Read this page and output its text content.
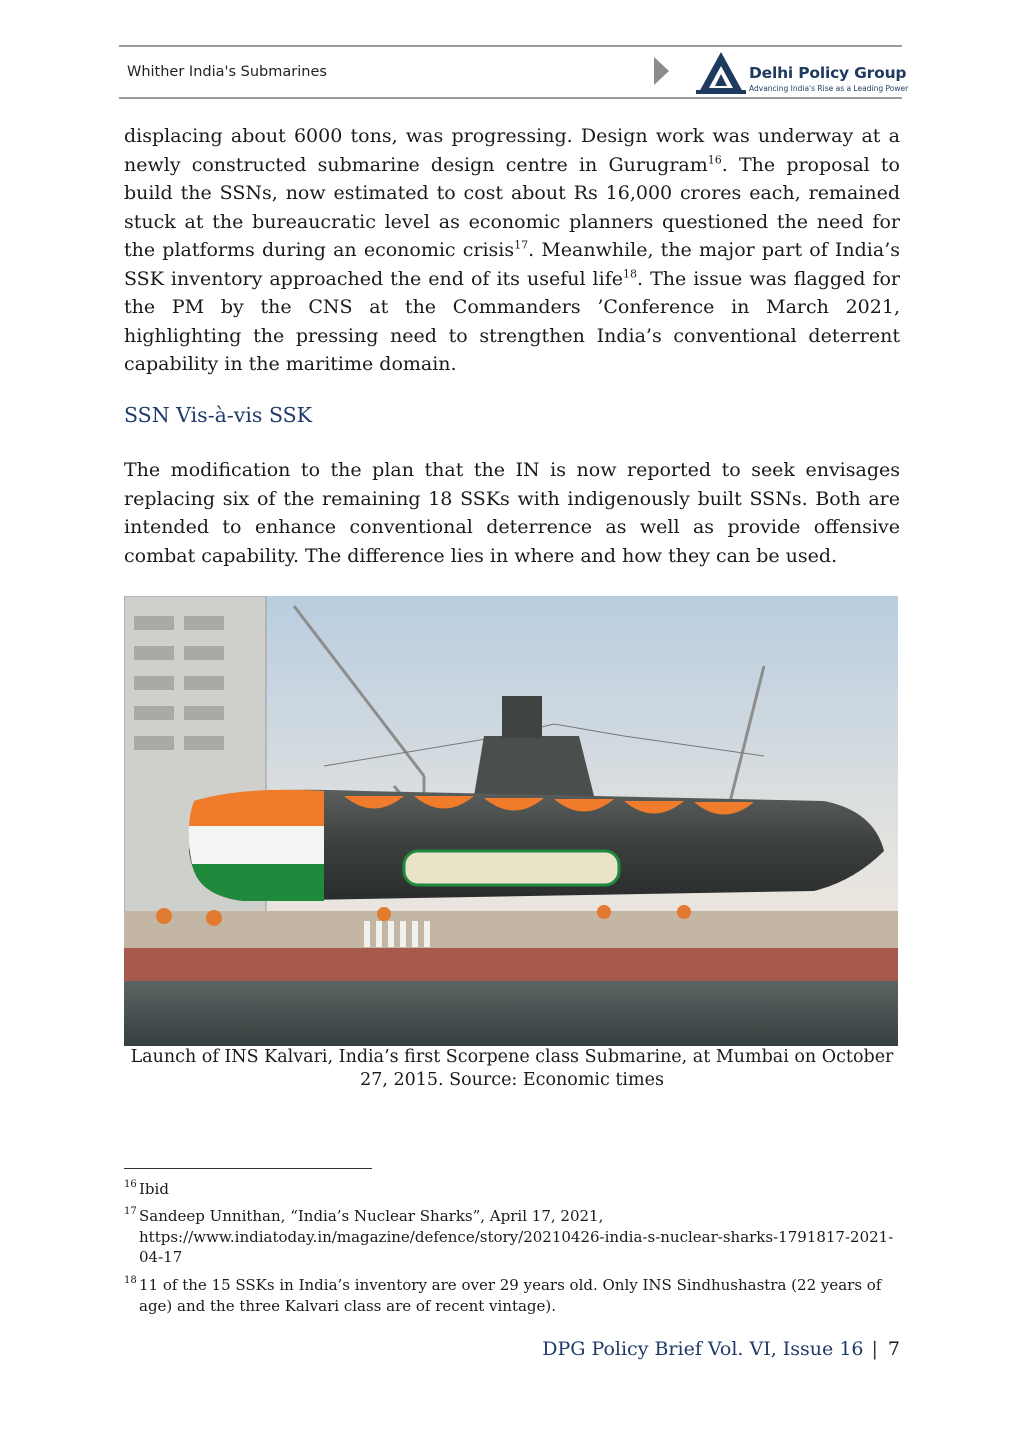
Whither India's Submarines	Delhi Policy Group
Advancing India's Rise as a Leading Power

displacing about 6000 tons, was progressing. Design work was underway at a newly constructed submarine design centre in Gurugram$^{16}$. The proposal to build the SSNs, now estimated to cost about Rs 16,000 crores each, remained stuck at the bureaucratic level as economic planners questioned the need for the platforms during an economic crisis$^{17}$. Meanwhile, the major part of India’s SSK inventory approached the end of its useful life$^{18}$. The issue was flagged for the PM by the CNS at the Commanders ’Conference in March 2021, highlighting the pressing need to strengthen India’s conventional deterrent capability in the maritime domain.

SSN Vis-à-vis SSK

The modification to the plan that the IN is now reported to seek envisages replacing six of the remaining 18 SSKs with indigenously built SSNs. Both are intended to enhance conventional deterrence as well as provide offensive combat capability. The difference lies in where and how they can be used.

Launch of INS Kalvari, India’s first Scorpene class Submarine, at Mumbai on October 27, 2015. Source: Economic times

16 Ibid
17 Sandeep Unnithan, “India’s Nuclear Sharks”, April 17, 2021, https://www.indiatoday.in/magazine/defence/story/20210426-india-s-nuclear-sharks-1791817-2021-04-17
18 11 of the 15 SSKs in India’s inventory are over 29 years old. Only INS Sindhushastra (22 years of age) and the three Kalvari class are of recent vintage).
DPG Policy Brief Vol. VI, Issue 16 | 7
